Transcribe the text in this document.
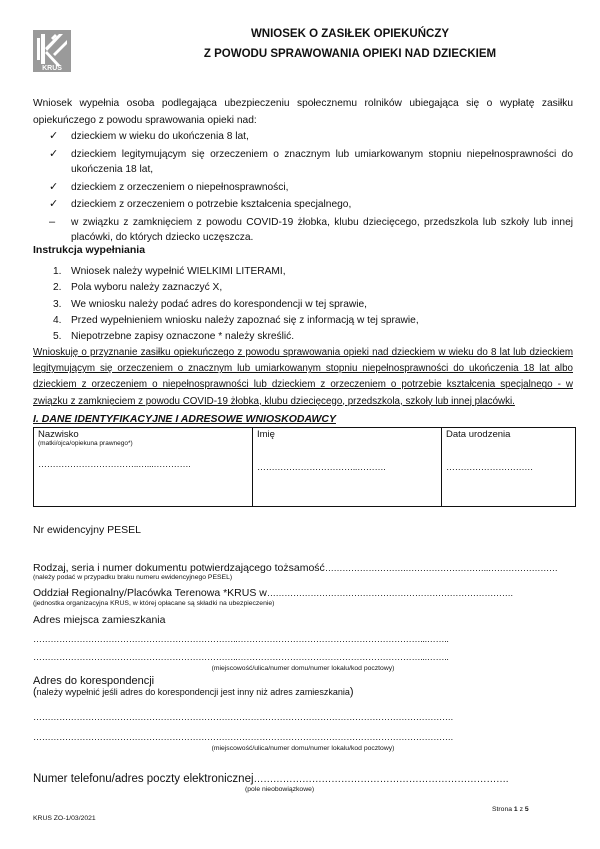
KRUS
WNIOSEK O ZASIŁEK OPIEKUŃCZY
Z POWODU SPRAWOWANIA OPIEKI NAD DZIECKIEM
Wniosek wypełnia osoba podlegająca ubezpieczeniu społecznemu rolników ubiegająca się o wypłatę zasiłku opiekuńczego z powodu sprawowania opieki nad:
✓ dzieckiem w wieku do ukończenia 8 lat,
✓ dzieckiem legitymującym się orzeczeniem o znacznym lub umiarkowanym stopniu niepełnosprawności do ukończenia 18 lat,
✓ dzieckiem z orzeczeniem o niepełnosprawności,
✓ dzieckiem z orzeczeniem o potrzebie kształcenia specjalnego,
– w związku z zamknięciem z powodu COVID-19 żłobka, klubu dziecięcego, przedszkola lub szkoły lub innej placówki, do których dziecko uczęszcza.
Instrukcja wypełniania
1. Wniosek należy wypełnić WIELKIMI LITERAMI,
2. Pola wyboru należy zaznaczyć X,
3. We wniosku należy podać adres do korespondencji w tej sprawie,
4. Przed wypełnieniem wniosku należy zapoznać się z informacją w tej sprawie,
5. Niepotrzebne zapisy oznaczone * należy skreślić.
Wnioskuję o przyznanie zasiłku opiekuńczego z powodu sprawowania opieki nad dzieckiem w wieku do 8 lat lub dzieckiem legitymującym się orzeczeniem o znacznym lub umiarkowanym stopniu niepełnosprawności do ukończenia 18 lat albo dzieckiem z orzeczeniem o niepełnosprawności lub dzieckiem z orzeczeniem o potrzebie kształcenia specjalnego - w związku z zamknięciem z powodu COVID-19 żłobka, klubu dziecięcego, przedszkola, szkoły lub innej placówki.
I. DANE IDENTYFIKACYJNE I ADRESOWE WNIOSKODAWCY
Nazwisko
(matki/ojca/opiekuna prawnego*)
……………………………..…...………….

Imię
……………………………..……….

Data urodzenia
…………………………
Nr ewidencyjny PESEL
Rodzaj, seria i numer dokumentu potwierdzającego tożsamość……………………….………………………..……………………
(należy podać w przypadku braku numeru ewidencyjnego PESEL)
Oddział Regionalny/Placówka Terenowa *KRUS w………………………………………………………………………….
(jednostka organizacyjna KRUS, w której opłacane są składki na ubezpieczenie)
Adres miejsca zamieszkania
……………………………………………………………..………………………………………………………...……..
……………………………………………………………..………………………………………………………...……..
(miejscowość/ulica/numer domu/numer lokalu/kod pocztowy)
Adres do korespondencji
(należy wypełnić jeśli adres do korespondencji jest inny niż adres zamieszkania)
……………………………………………………………………………………………………………………………….
……………………………………………………………………………………………………………………………….
(miejscowość/ulica/numer domu/numer lokalu/kod pocztowy)
Numer telefonu/adres poczty elektronicznej…………………………………………………………………….
(pole nieobowiązkowe)
Strona 1 z 5
KRUS ZO-1/03/2021
